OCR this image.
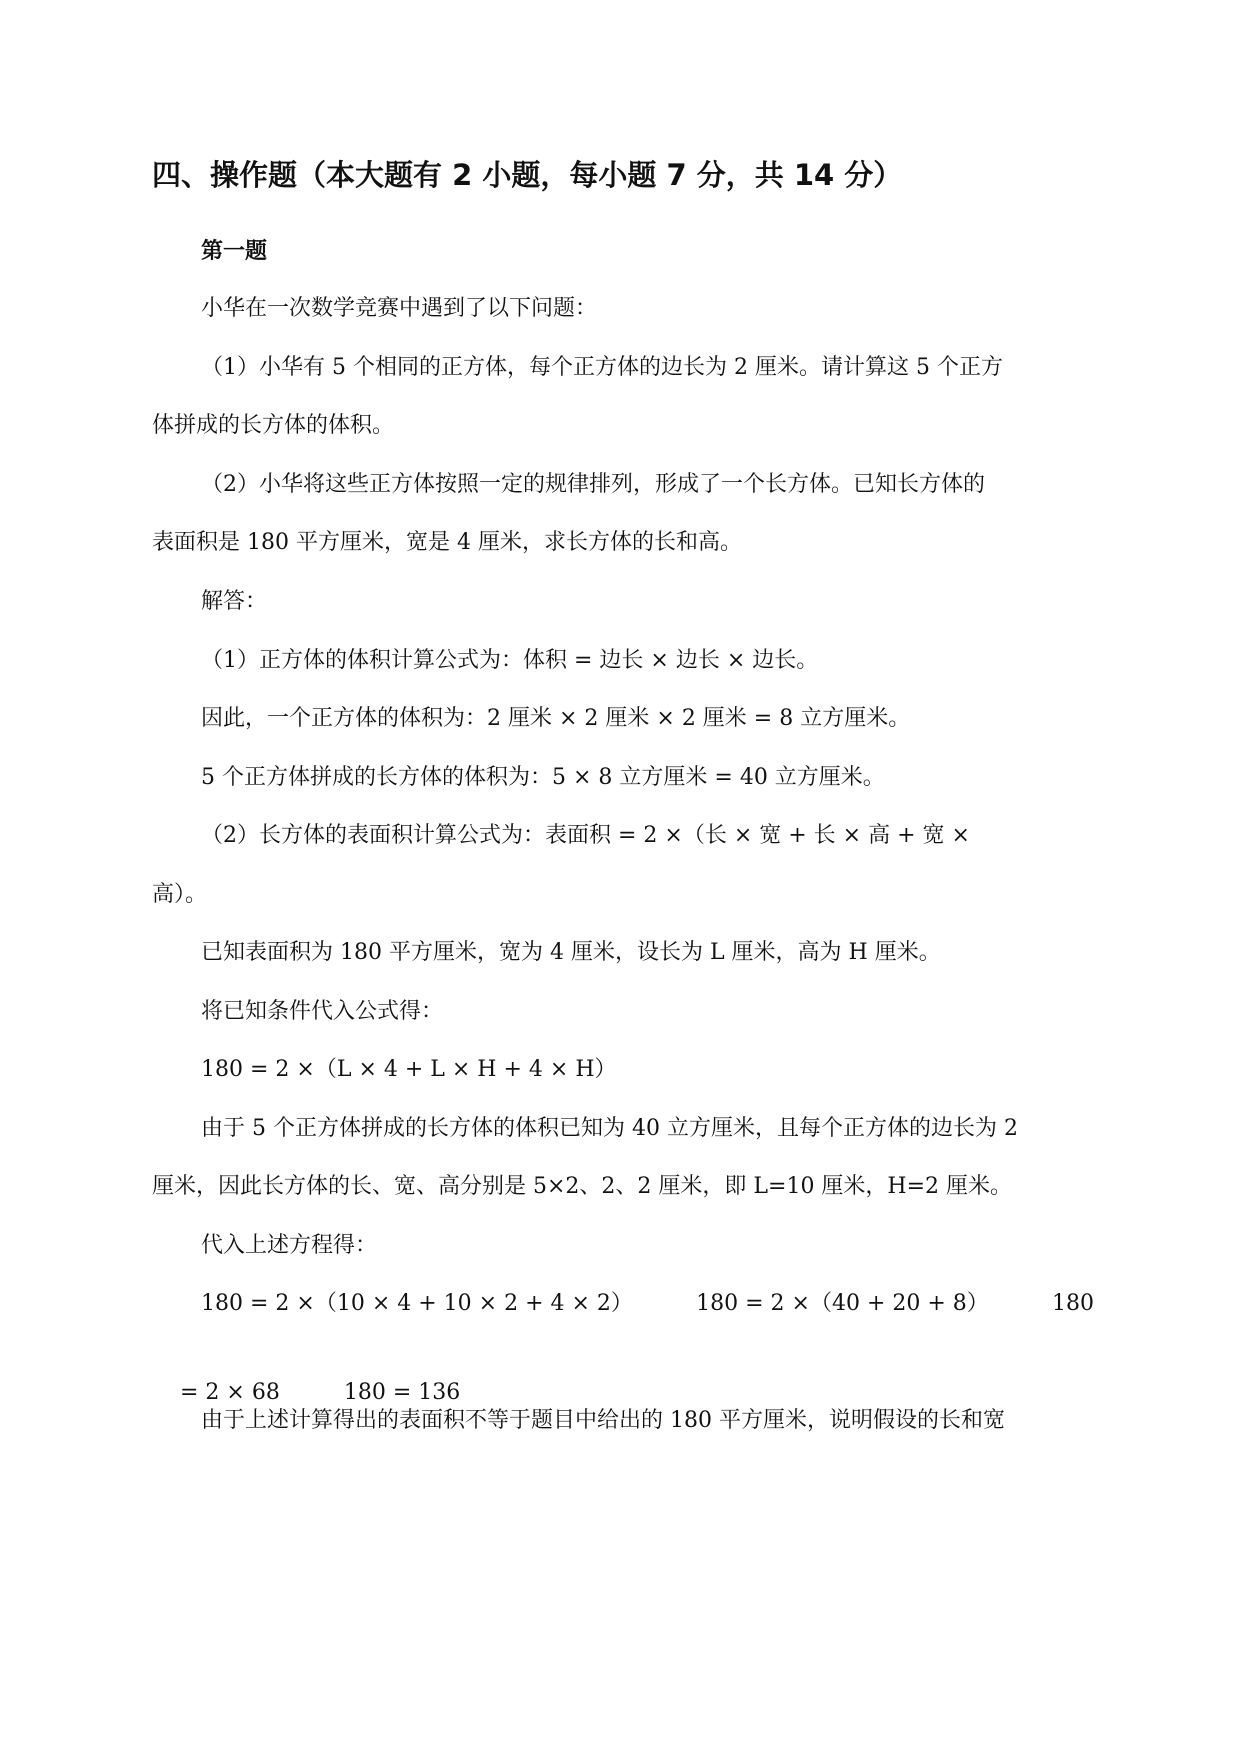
四、操作题（本大题有 2 小题，每小题 7 分，共 14 分）
第一题
小华在一次数学竞赛中遇到了以下问题：
（1）小华有 5 个相同的正方体，每个正方体的边长为 2 厘米。请计算这 5 个正方
体拼成的长方体的体积。
（2）小华将这些正方体按照一定的规律排列，形成了一个长方体。已知长方体的
表面积是 180 平方厘米，宽是 4 厘米，求长方体的长和高。
解答：
（1）正方体的体积计算公式为：体积 = 边长 × 边长 × 边长。
因此，一个正方体的体积为：2 厘米 × 2 厘米 × 2 厘米 = 8 立方厘米。
5 个正方体拼成的长方体的体积为：5 × 8 立方厘米 = 40 立方厘米。
（2）长方体的表面积计算公式为：表面积 = 2 ×（长 × 宽 + 长 × 高 + 宽 ×
高）。
已知表面积为 180 平方厘米，宽为 4 厘米，设长为 L 厘米，高为 H 厘米。
将已知条件代入公式得：
180 = 2 ×（L × 4 + L × H + 4 × H）
由于 5 个正方体拼成的长方体的体积已知为 40 立方厘米，且每个正方体的边长为 2
厘米，因此长方体的长、宽、高分别是 5×2、2、2 厘米，即 L=10 厘米，H=2 厘米。
代入上述方程得：
180 = 2 ×（10 × 4 + 10 × 2 + 4 × 2）	180 = 2 ×（40 + 20 + 8）	180

= 2 × 68	180 = 136

由于上述计算得出的表面积不等于题目中给出的 180 平方厘米，说明假设的长和宽
